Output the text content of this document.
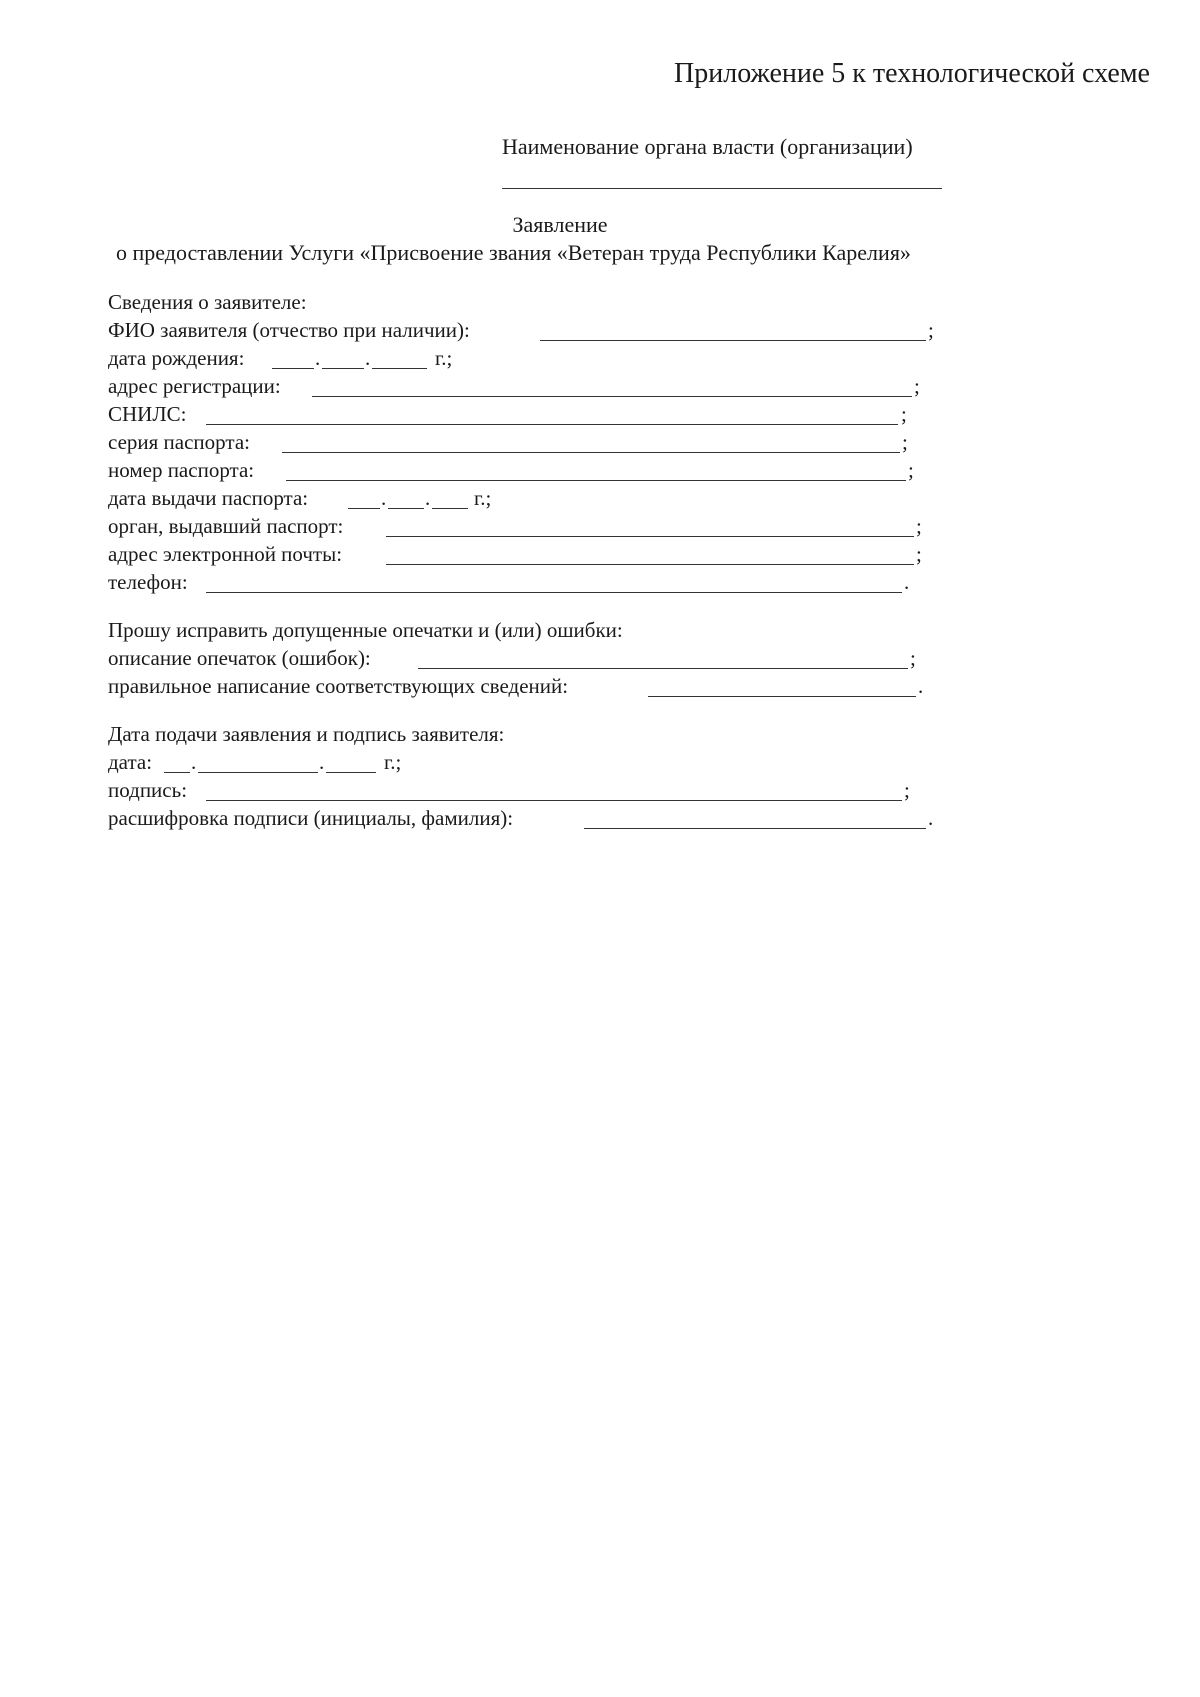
Приложение 5 к технологической схеме
Наименование органа власти (организации)
Заявление
о предоставлении Услуги «Присвоение звания «Ветеран труда Республики Карелия»
Сведения о заявителе:
ФИО заявителя (отчество при наличии):	;
дата рождения:	. .	г.;
адрес регистрации:	;
СНИЛС:	;
серия паспорта:	;
номер паспорта:	;
дата выдачи паспорта:	. . г.;
орган, выдавший паспорт:	;
адрес электронной почты:	;
телефон:	.
Прошу исправить допущенные опечатки и (или) ошибки:
описание опечаток (ошибок):	;
правильное написание соответствующих сведений:	.
Дата подачи заявления и подпись заявителя:
дата: .	.	г.;
подпись:	;
расшифровка подписи (инициалы, фамилия):	.
